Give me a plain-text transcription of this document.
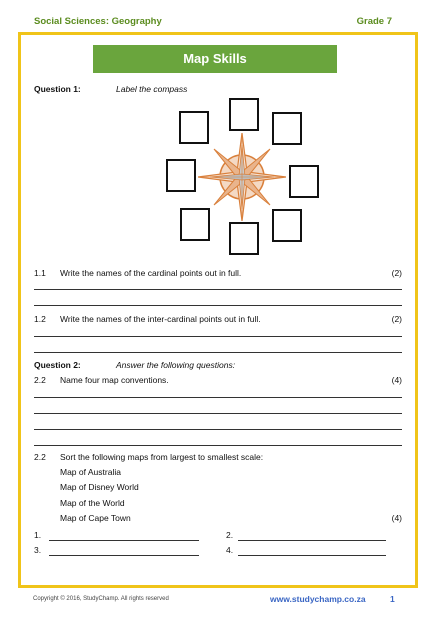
Social Sciences: Geography	Grade 7
Map Skills
Question 1:	Label the compass
1.1 Write the names of the cardinal points out in full.	(2)
1.2 Write the names of the inter-cardinal points out in full.	(2)
Question 2:	Answer the following questions:
2.2 Name four map conventions.	(4)
2.2 Sort the following maps from largest to smallest scale:
Map of Australia
Map of Disney World
Map of the World
Map of Cape Town	(4)
1.	2.
3.	4.
Copyright © 2016, StudyChamp. All rights reserved	www.studychamp.co.za	1
